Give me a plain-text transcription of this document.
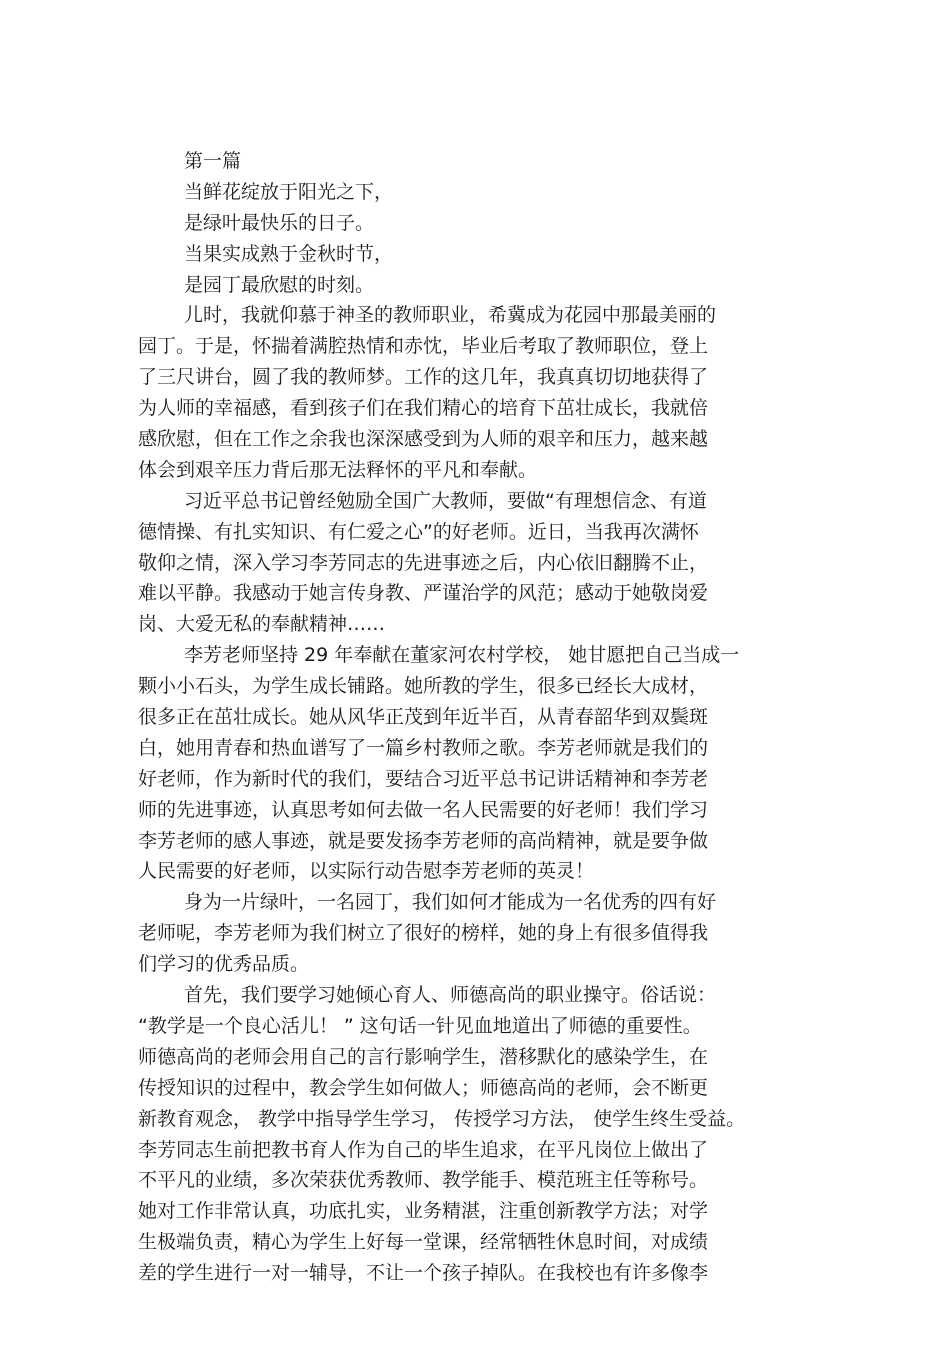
第一篇
当鲜花绽放于阳光之下，
是绿叶最快乐的日子。
当果实成熟于金秋时节，
是园丁最欣慰的时刻。
儿时，我就仰慕于神圣的教师职业，希冀成为花园中那最美丽的
园丁。于是，怀揣着满腔热情和赤忱，毕业后考取了教师职位，登上
了三尺讲台，圆了我的教师梦。工作的这几年，我真真切切地获得了
为人师的幸福感，看到孩子们在我们精心的培育下茁壮成长，我就倍
感欣慰，但在工作之余我也深深感受到为人师的艰辛和压力，越来越
体会到艰辛压力背后那无法释怀的平凡和奉献。
习近平总书记曾经勉励全国广大教师，要做“有理想信念、有道
德情操、有扎实知识、有仁爱之心”的好老师。近日，当我再次满怀
敬仰之情，深入学习李芳同志的先进事迹之后，内心依旧翻腾不止，
难以平静。我感动于她言传身教、严谨治学的风范；感动于她敬岗爱
岗、大爱无私的奉献精神……
李芳老师坚持 29 年奉献在董家河农村学校， 她甘愿把自己当成一
颗小小石头，为学生成长铺路。她所教的学生，很多已经长大成材，
很多正在茁壮成长。她从风华正茂到年近半百，从青春韶华到双鬓斑
白，她用青春和热血谱写了一篇乡村教师之歌。李芳老师就是我们的
好老师，作为新时代的我们，要结合习近平总书记讲话精神和李芳老
师的先进事迹，认真思考如何去做一名人民需要的好老师！我们学习
李芳老师的感人事迹，就是要发扬李芳老师的高尚精神，就是要争做
人民需要的好老师，以实际行动告慰李芳老师的英灵！
身为一片绿叶，一名园丁，我们如何才能成为一名优秀的四有好
老师呢，李芳老师为我们树立了很好的榜样，她的身上有很多值得我
们学习的优秀品质。
首先，我们要学习她倾心育人、师德高尚的职业操守。俗话说：
“教学是一个良心活儿！ ” 这句话一针见血地道出了师德的重要性。
师德高尚的老师会用自己的言行影响学生，潜移默化的感染学生，在
传授知识的过程中，教会学生如何做人；师德高尚的老师，会不断更
新教育观念， 教学中指导学生学习， 传授学习方法， 使学生终生受益。
李芳同志生前把教书育人作为自己的毕生追求，在平凡岗位上做出了
不平凡的业绩，多次荣获优秀教师、教学能手、模范班主任等称号。
她对工作非常认真，功底扎实，业务精湛，注重创新教学方法；对学
生极端负责，精心为学生上好每一堂课，经常牺牲休息时间，对成绩
差的学生进行一对一辅导，不让一个孩子掉队。在我校也有许多像李
